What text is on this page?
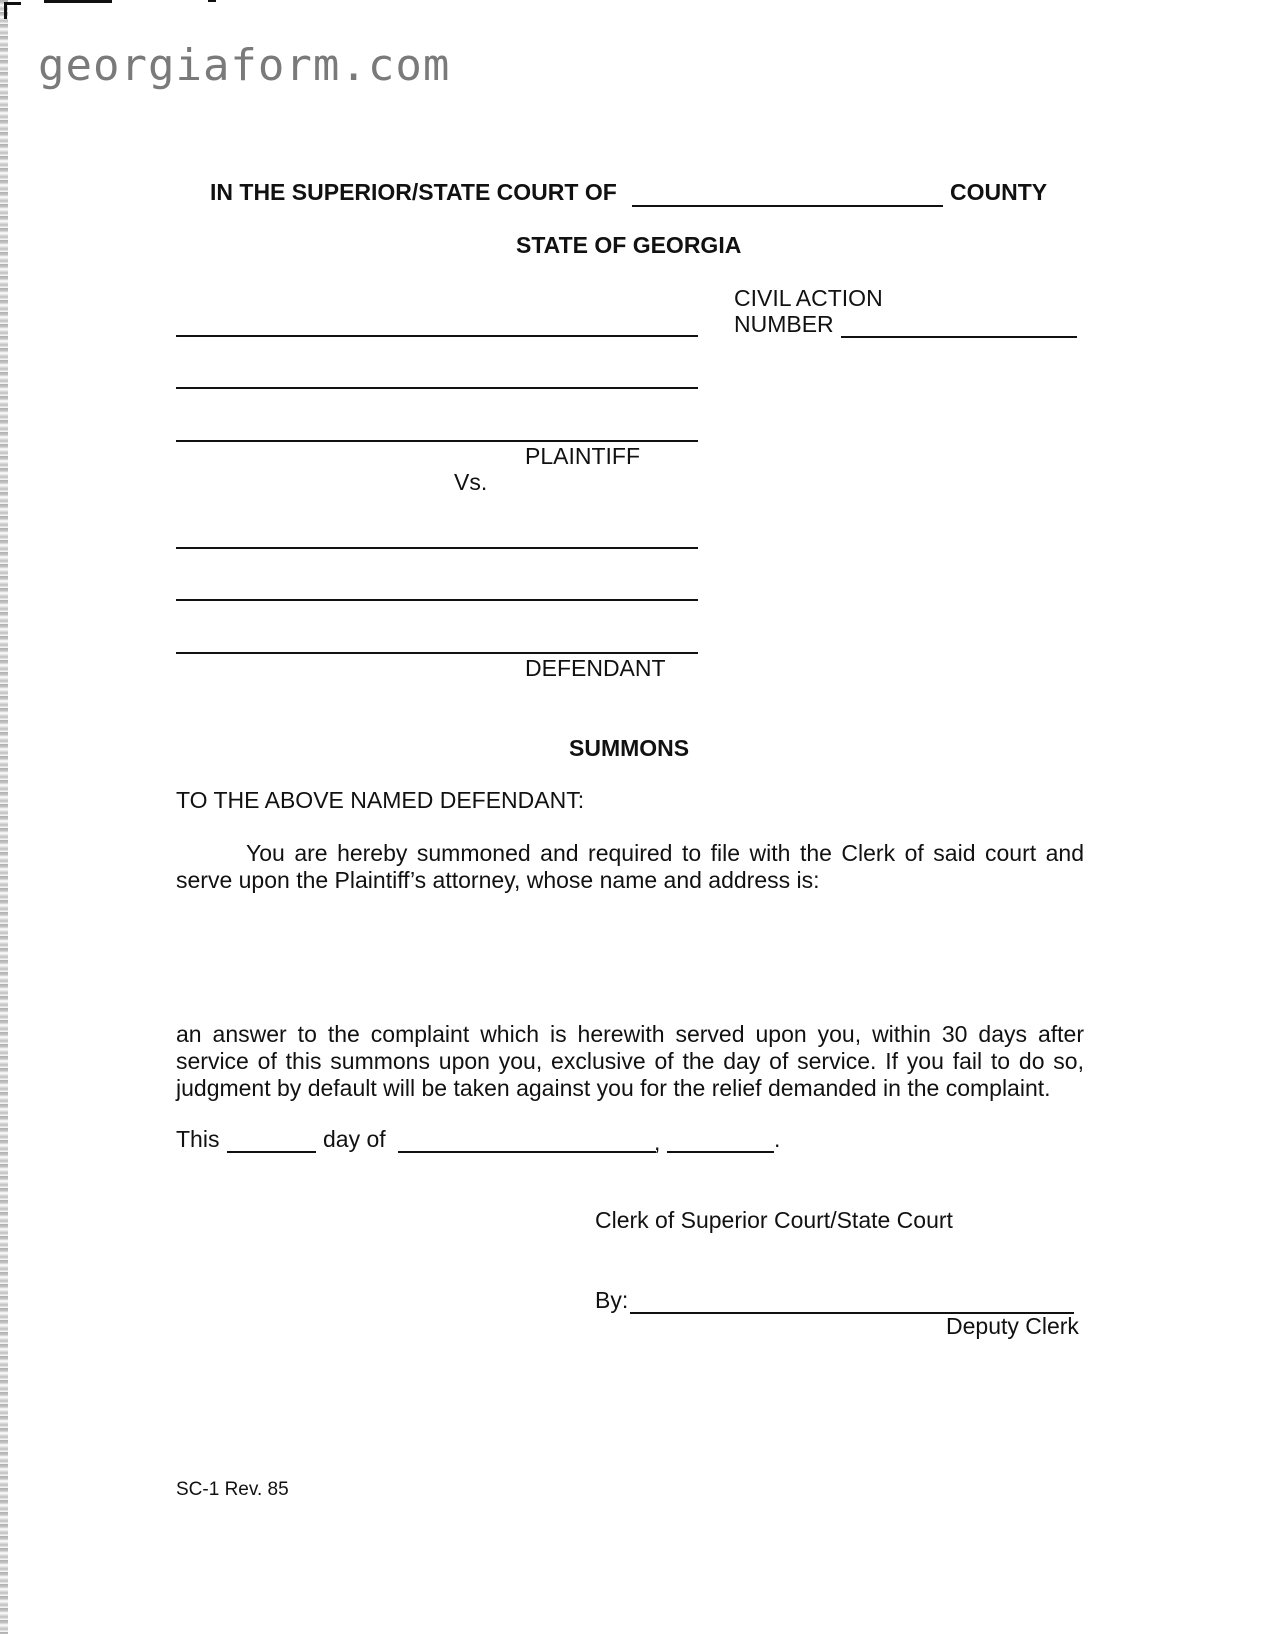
georgiaform.com
IN THE SUPERIOR/STATE COURT OF	COUNTY
STATE OF GEORGIA
CIVIL ACTION
NUMBER
PLAINTIFF
Vs.
DEFENDANT
SUMMONS
TO THE ABOVE NAMED DEFENDANT:
You are hereby summoned and required to file with the Clerk of said court and serve upon the Plaintiff’s attorney, whose name and address is:
an answer to the complaint which is herewith served upon you, within 30 days after service of this summons upon you, exclusive of the day of service. If you fail to do so, judgment by default will be taken against you for the relief demanded in the complaint.
This	day of	,	.
Clerk of Superior Court/State Court
By:
Deputy Clerk
SC-1 Rev. 85
